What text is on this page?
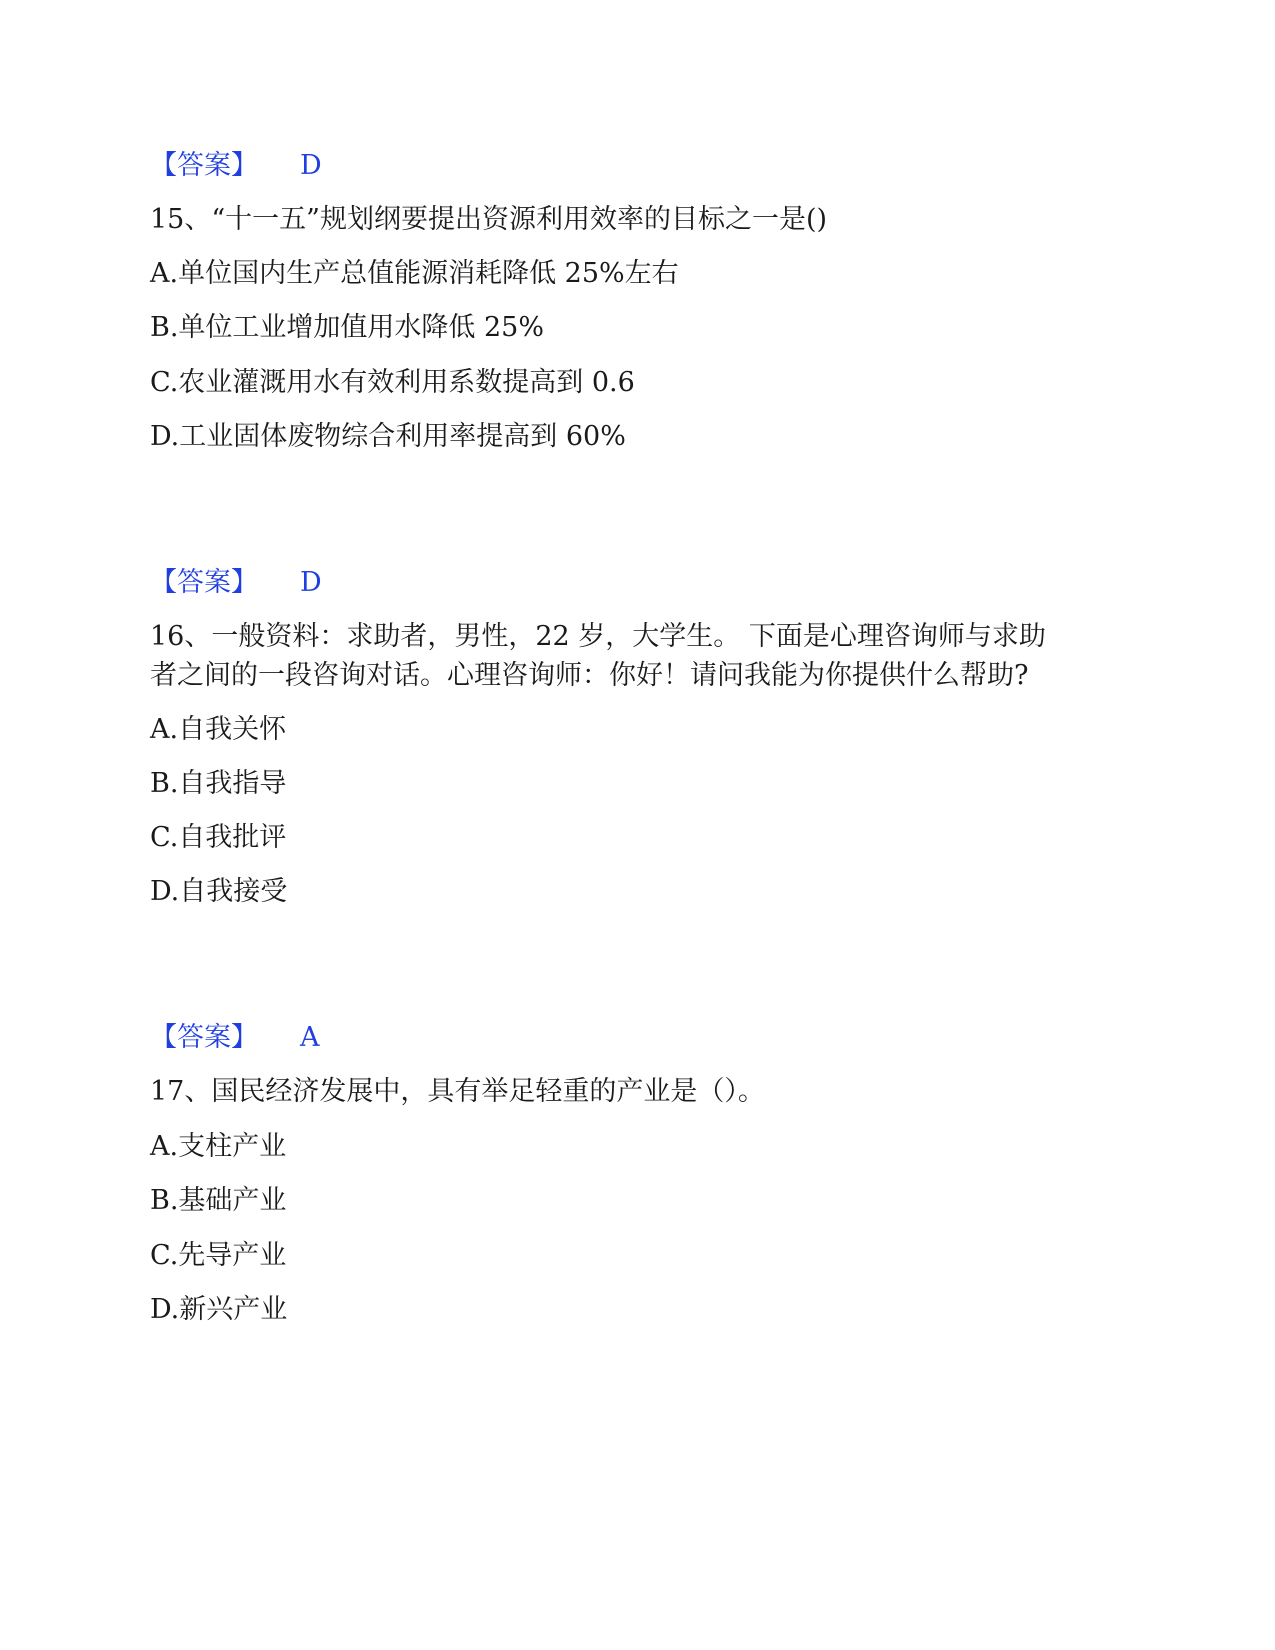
【答案】 D
15、“十一五”规划纲要提出资源利用效率的目标之一是()
A.单位国内生产总值能源消耗降低 25%左右
B.单位工业增加值用水降低 25%
C.农业灌溉用水有效利用系数提高到 0.6
D.工业固体废物综合利用率提高到 60%
【答案】 D
16、一般资料：求助者，男性，22 岁，大学生。 下面是心理咨询师与求助
者之间的一段咨询对话。心理咨询师：你好！请问我能为你提供什么帮助?
A.自我关怀
B.自我指导
C.自我批评
D.自我接受
【答案】 A
17、国民经济发展中，具有举足轻重的产业是（）。
A.支柱产业
B.基础产业
C.先导产业
D.新兴产业
